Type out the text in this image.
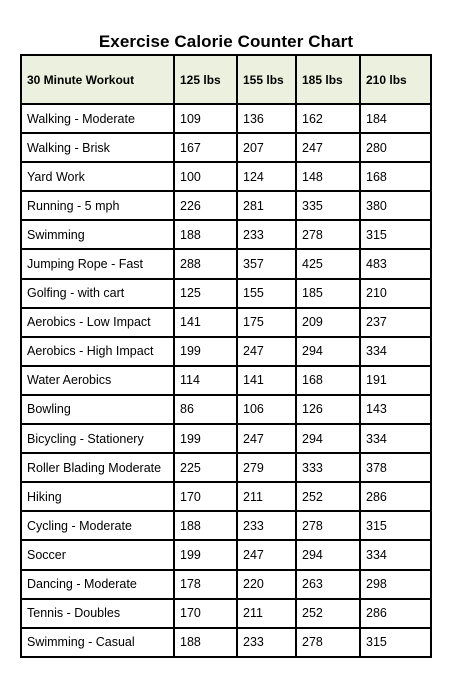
Exercise Calorie Counter Chart
30 Minute Workout	125 lbs	155 lbs	185 lbs	210 lbs
Walking - Moderate	109	136	162	184
Walking - Brisk	167	207	247	280
Yard Work	100	124	148	168
Running - 5 mph	226	281	335	380
Swimming	188	233	278	315
Jumping Rope - Fast	288	357	425	483
Golfing - with cart	125	155	185	210
Aerobics - Low Impact	141	175	209	237
Aerobics - High Impact	199	247	294	334
Water Aerobics	114	141	168	191
Bowling	86	106	126	143
Bicycling - Stationery	199	247	294	334
Roller Blading Moderate	225	279	333	378
Hiking	170	211	252	286
Cycling - Moderate	188	233	278	315
Soccer	199	247	294	334
Dancing - Moderate	178	220	263	298
Tennis - Doubles	170	211	252	286
Swimming - Casual	188	233	278	315
